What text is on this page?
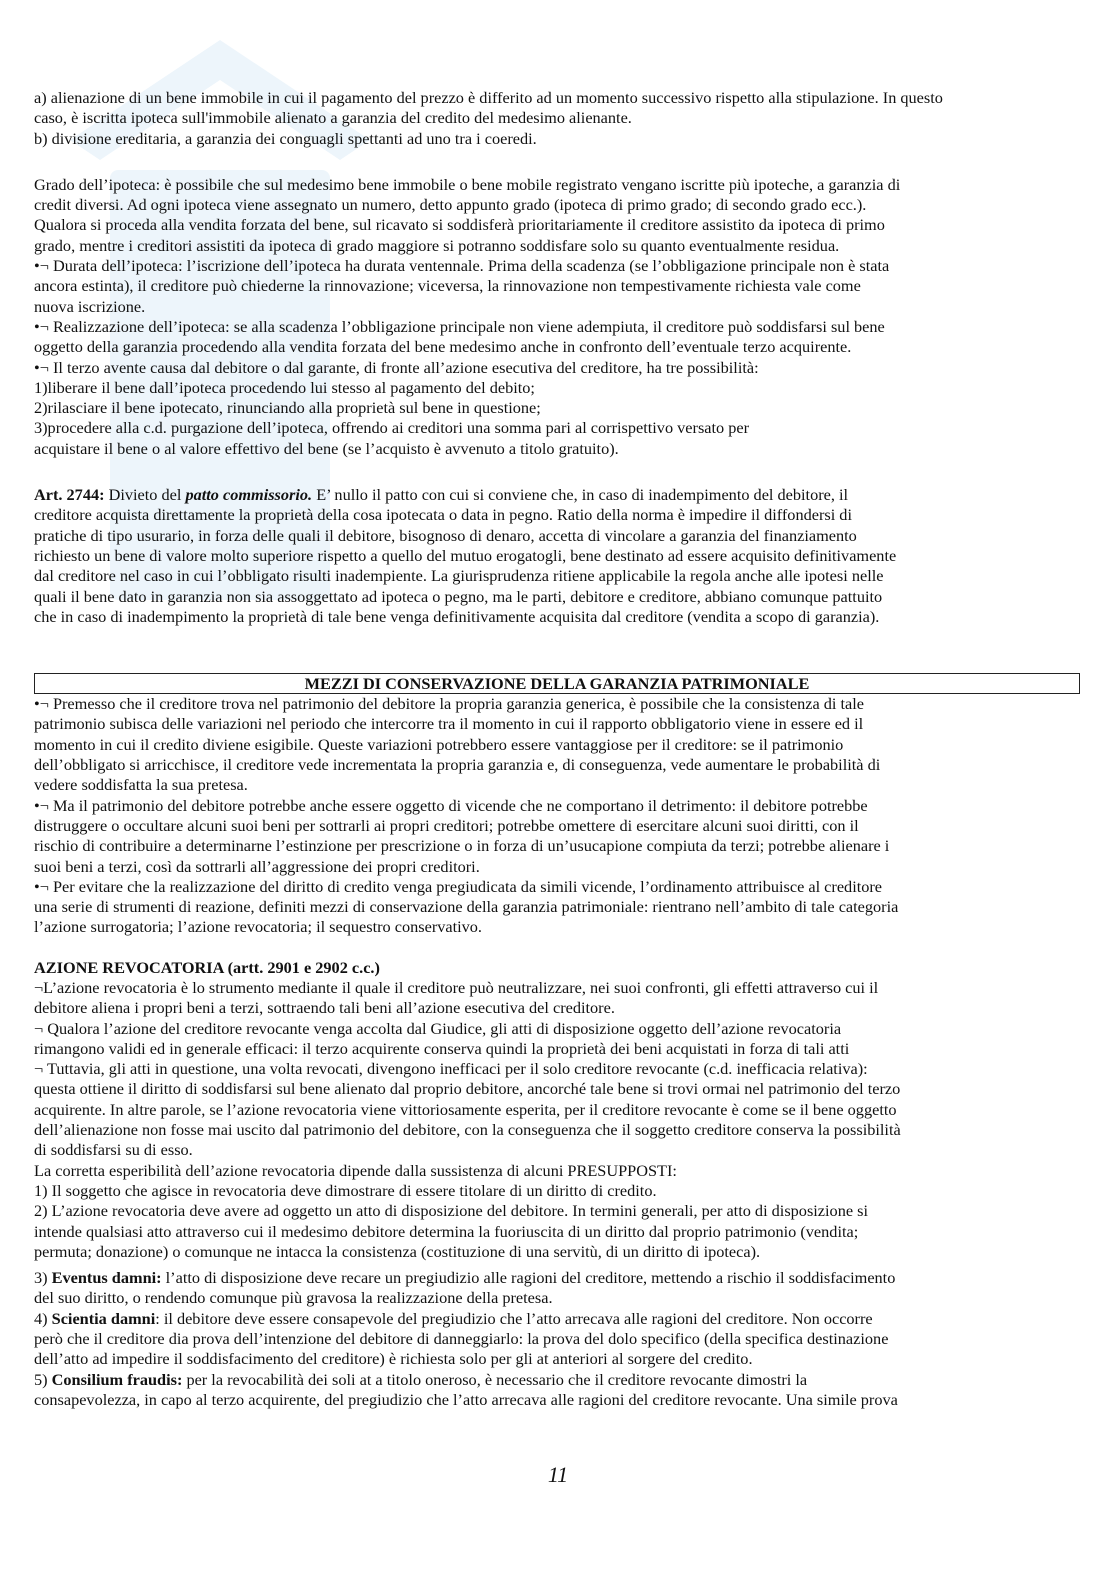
a) alienazione di un bene immobile in cui il pagamento del prezzo è differito ad un momento successivo rispetto alla stipulazione. In questo

caso, è iscritta ipoteca sull'immobile alienato a garanzia del credito del medesimo alienante.

b) divisione ereditaria, a garanzia dei conguagli spettanti ad uno tra i coeredi.

Grado dell’ipoteca: è possibile che sul medesimo bene immobile o bene mobile registrato vengano iscritte più ipoteche, a garanzia di

credit diversi. Ad ogni ipoteca viene assegnato un numero, detto appunto grado (ipoteca di primo grado; di secondo grado ecc.).

Qualora si proceda alla vendita forzata del bene, sul ricavato si soddisferà prioritariamente il creditore assistito da ipoteca di primo

grado, mentre i creditori assistiti da ipoteca di grado maggiore si potranno soddisfare solo su quanto eventualmente residua.

•¬ Durata dell’ipoteca: l’iscrizione dell’ipoteca ha durata ventennale. Prima della scadenza (se l’obbligazione principale non è stata

ancora estinta), il creditore può chiederne la rinnovazione; viceversa, la rinnovazione non tempestivamente richiesta vale come

nuova iscrizione.

•¬ Realizzazione dell’ipoteca: se alla scadenza l’obbligazione principale non viene adempiuta, il creditore può soddisfarsi sul bene

oggetto della garanzia procedendo alla vendita forzata del bene medesimo anche in confronto dell’eventuale terzo acquirente.

•¬ Il terzo avente causa dal debitore o dal garante, di fronte all’azione esecutiva del creditore, ha tre possibilità:

1)liberare il bene dall’ipoteca procedendo lui stesso al pagamento del debito;

2)rilasciare il bene ipotecato, rinunciando alla proprietà sul bene in questione;

3)procedere alla c.d. purgazione dell’ipoteca, offrendo ai creditori una somma pari al corrispettivo versato per

acquistare il bene o al valore effettivo del bene (se l’acquisto è avvenuto a titolo gratuito).

Art. 2744: Divieto del patto commissorio. E’ nullo il patto con cui si conviene che, in caso di inadempimento del debitore, il

creditore acquista direttamente la proprietà della cosa ipotecata o data in pegno. Ratio della norma è impedire il diffondersi di

pratiche di tipo usurario, in forza delle quali il debitore, bisognoso di denaro, accetta di vincolare a garanzia del finanziamento

richiesto un bene di valore molto superiore rispetto a quello del mutuo erogatogli, bene destinato ad essere acquisito definitivamente

dal creditore nel caso in cui l’obbligato risulti inadempiente. La giurisprudenza ritiene applicabile la regola anche alle ipotesi nelle

quali il bene dato in garanzia non sia assoggettato ad ipoteca o pegno, ma le parti, debitore e creditore, abbiano comunque pattuito

che in caso di inadempimento la proprietà di tale bene venga definitivamente acquisita dal creditore (vendita a scopo di garanzia).

MEZZI DI CONSERVAZIONE DELLA GARANZIA PATRIMONIALE

•¬ Premesso che il creditore trova nel patrimonio del debitore la propria garanzia generica, è possibile che la consistenza di tale

patrimonio subisca delle variazioni nel periodo che intercorre tra il momento in cui il rapporto obbligatorio viene in essere ed il

momento in cui il credito diviene esigibile. Queste variazioni potrebbero essere vantaggiose per il creditore: se il patrimonio

dell’obbligato si arricchisce, il creditore vede incrementata la propria garanzia e, di conseguenza, vede aumentare le probabilità di

vedere soddisfatta la sua pretesa.

•¬ Ma il patrimonio del debitore potrebbe anche essere oggetto di vicende che ne comportano il detrimento: il debitore potrebbe

distruggere o occultare alcuni suoi beni per sottrarli ai propri creditori; potrebbe omettere di esercitare alcuni suoi diritti, con il

rischio di contribuire a determinarne l’estinzione per prescrizione o in forza di un’usucapione compiuta da terzi; potrebbe alienare i

suoi beni a terzi, così da sottrarli all’aggressione dei propri creditori.

•¬ Per evitare che la realizzazione del diritto di credito venga pregiudicata da simili vicende, l’ordinamento attribuisce al creditore

una serie di strumenti di reazione, definiti mezzi di conservazione della garanzia patrimoniale: rientrano nell’ambito di tale categoria

l’azione surrogatoria; l’azione revocatoria; il sequestro conservativo.

AZIONE REVOCATORIA (artt. 2901 e 2902 c.c.)

¬L’azione revocatoria è lo strumento mediante il quale il creditore può neutralizzare, nei suoi confronti, gli effetti attraverso cui il

debitore aliena i propri beni a terzi, sottraendo tali beni all’azione esecutiva del creditore.

¬ Qualora l’azione del creditore revocante venga accolta dal Giudice, gli atti di disposizione oggetto dell’azione revocatoria

rimangono validi ed in generale efficaci: il terzo acquirente conserva quindi la proprietà dei beni acquistati in forza di tali atti

¬ Tuttavia, gli atti in questione, una volta revocati, divengono inefficaci per il solo creditore revocante (c.d. inefficacia relativa):

questa ottiene il diritto di soddisfarsi sul bene alienato dal proprio debitore, ancorché tale bene si trovi ormai nel patrimonio del terzo

acquirente. In altre parole, se l’azione revocatoria viene vittoriosamente esperita, per il creditore revocante è come se il bene oggetto

dell’alienazione non fosse mai uscito dal patrimonio del debitore, con la conseguenza che il soggetto creditore conserva la possibilità

di soddisfarsi su di esso.

La corretta esperibilità dell’azione revocatoria dipende dalla sussistenza di alcuni PRESUPPOSTI:

1) Il soggetto che agisce in revocatoria deve dimostrare di essere titolare di un diritto di credito.

2) L’azione revocatoria deve avere ad oggetto un atto di disposizione del debitore. In termini generali, per atto di disposizione si

intende qualsiasi atto attraverso cui il medesimo debitore determina la fuoriuscita di un diritto dal proprio patrimonio (vendita;

permuta; donazione) o comunque ne intacca la consistenza (costituzione di una servitù, di un diritto di ipoteca).

3) Eventus damni: l’atto di disposizione deve recare un pregiudizio alle ragioni del creditore, mettendo a rischio il soddisfacimento

del suo diritto, o rendendo comunque più gravosa la realizzazione della pretesa.

4) Scientia damni: il debitore deve essere consapevole del pregiudizio che l’atto arrecava alle ragioni del creditore. Non occorre

però che il creditore dia prova dell’intenzione del debitore di danneggiarlo: la prova del dolo specifico (della specifica destinazione

dell’atto ad impedire il soddisfacimento del creditore) è richiesta solo per gli at anteriori al sorgere del credito.

5) Consilium fraudis: per la revocabilità dei soli at a titolo oneroso, è necessario che il creditore revocante dimostri la

consapevolezza, in capo al terzo acquirente, del pregiudizio che l’atto arrecava alle ragioni del creditore revocante. Una simile prova

11
